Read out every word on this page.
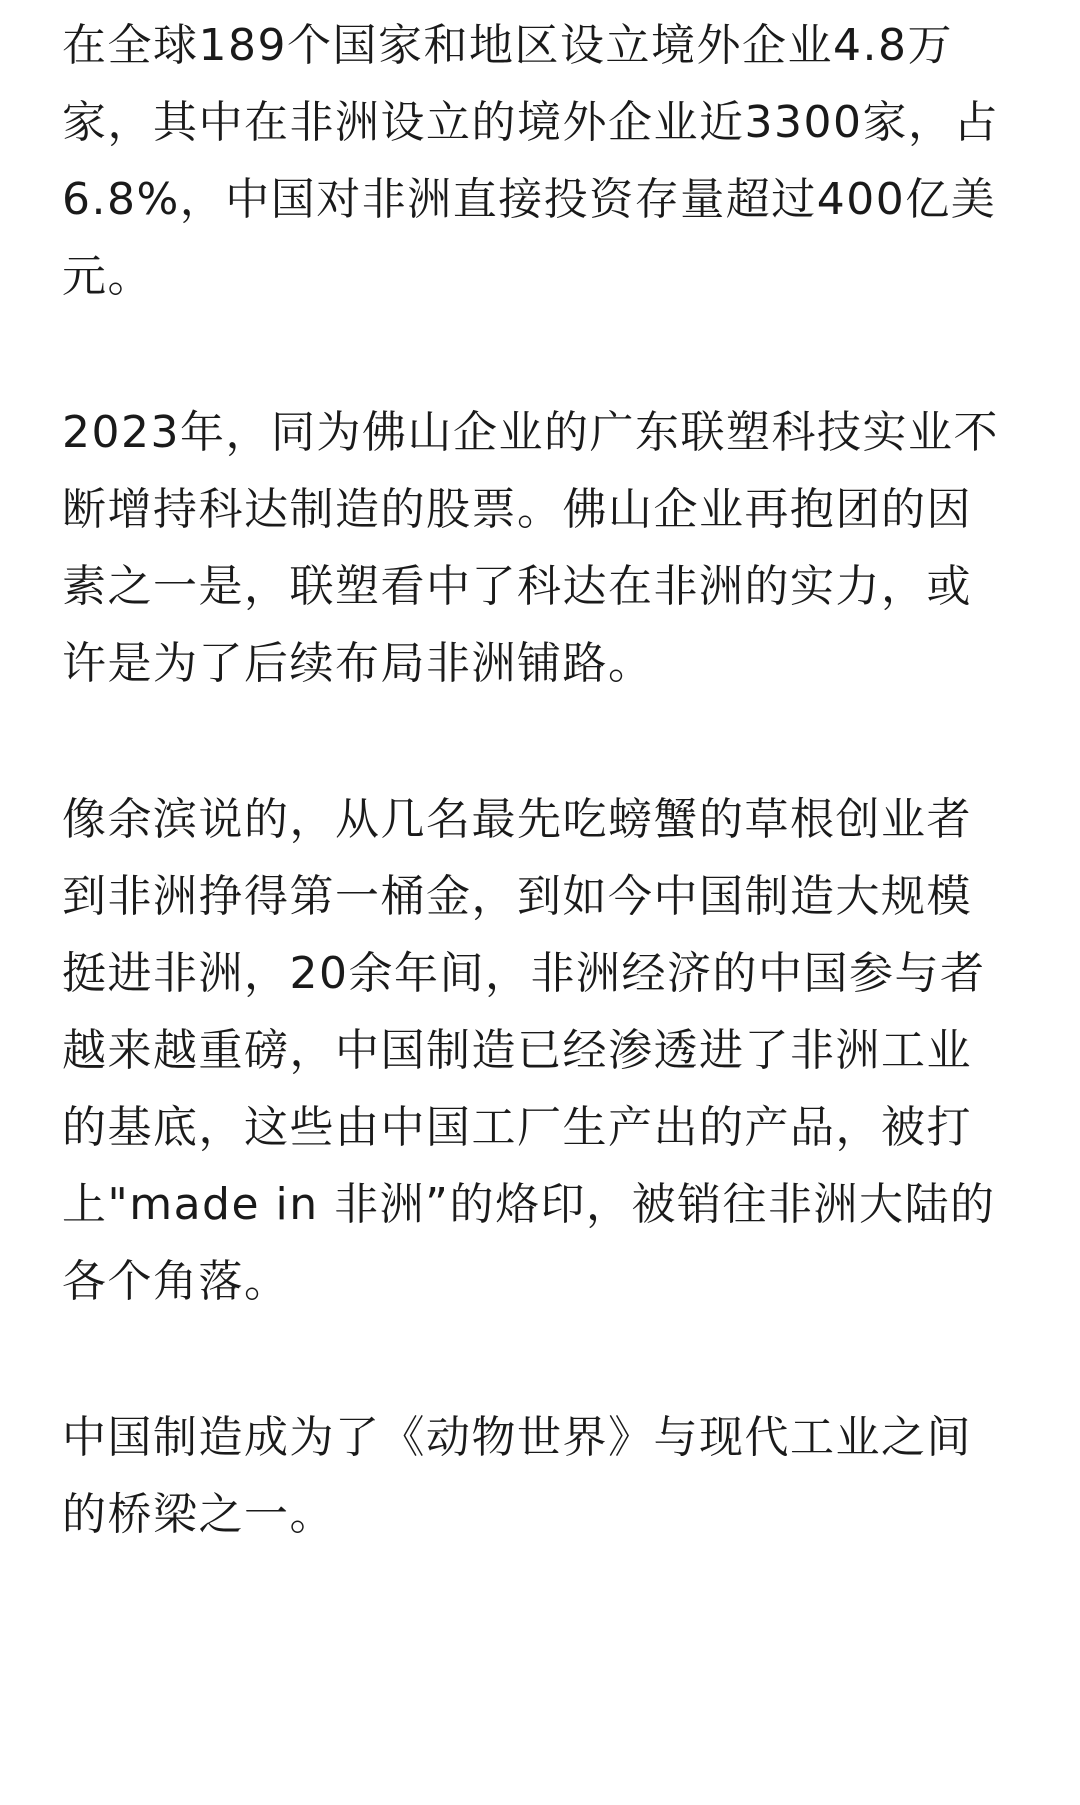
在全球189个国家和地区设立境外企业4.8万
家，其中在非洲设立的境外企业近3300家，占
6.8%，中国对非洲直接投资存量超过400亿美
元。
2023年，同为佛山企业的广东联塑科技实业不
断增持科达制造的股票。佛山企业再抱团的因
素之一是，联塑看中了科达在非洲的实力，或
许是为了后续布局非洲铺路。
像余滨说的，从几名最先吃螃蟹的草根创业者
到非洲挣得第一桶金，到如今中国制造大规模
挺进非洲，20余年间，非洲经济的中国参与者
越来越重磅，中国制造已经渗透进了非洲工业
的基底，这些由中国工厂生产出的产品，被打
上"made in 非洲”的烙印，被销往非洲大陆的
各个角落。
中国制造成为了《动物世界》与现代工业之间
的桥梁之一。
